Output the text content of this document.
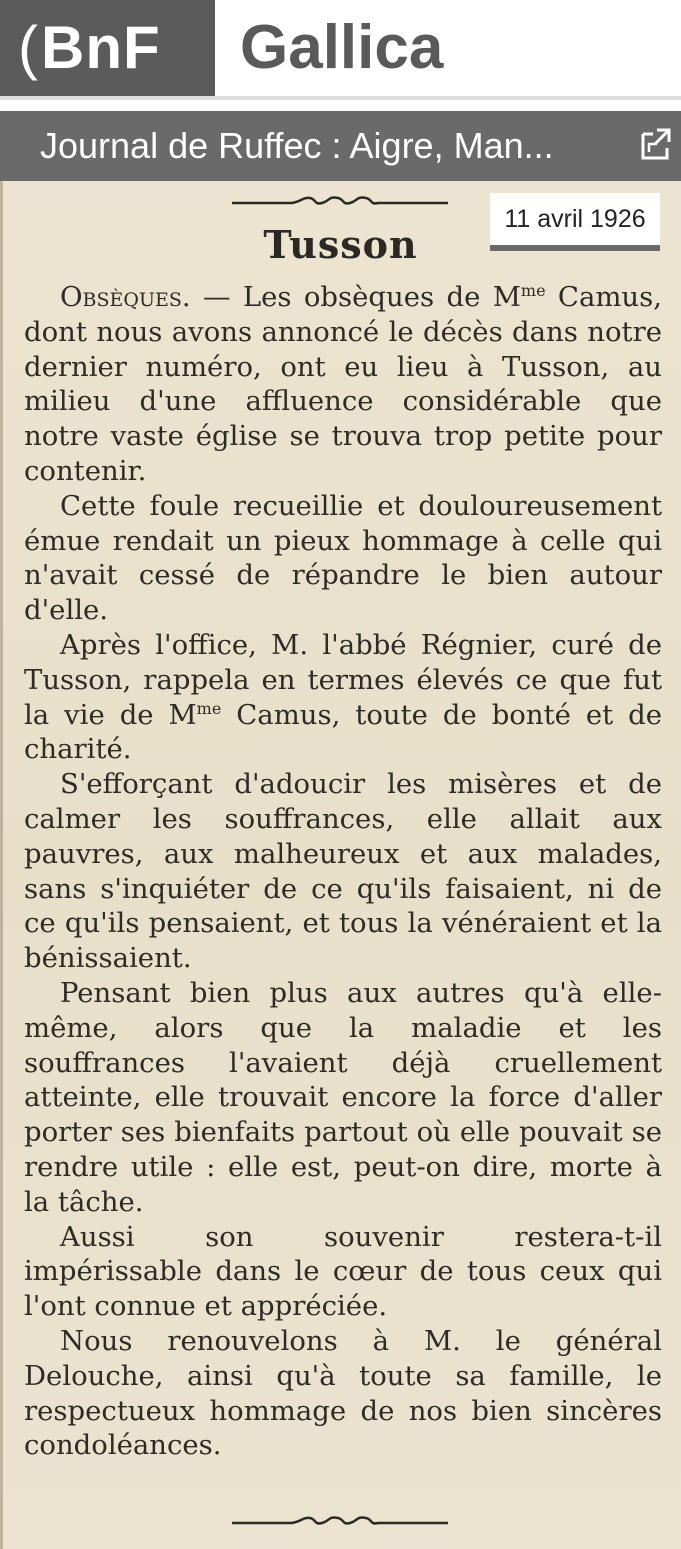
(BnF	Gallica
Journal de Ruffec : Aigre, Man...
11 avril 1926
Tusson

Obsèques. — Les obsèques de $M^{me}$ Camus, dont nous avons annoncé le décès dans notre dernier numéro, ont eu lieu à Tusson, au milieu d'une affluence considérable que notre vaste église se trouva trop petite pour contenir.

Cette foule recueillie et douloureusement émue rendait un pieux hommage à celle qui n'avait cessé de répandre le bien autour d'elle.

Après l'office, M. l'abbé Régnier, curé de Tusson, rappela en termes élevés ce que fut la vie de $M^{me}$ Camus, toute de bonté et de charité.

S'efforçant d'adoucir les misères et de calmer les souffrances, elle allait aux pauvres, aux malheureux et aux malades, sans s'inquiéter de ce qu'ils faisaient, ni de ce qu'ils pensaient, et tous la vénéraient et la bénissaient.

Pensant bien plus aux autres qu'à elle-même, alors que la maladie et les souffrances l'avaient déjà cruellement atteinte, elle trouvait encore la force d'aller porter ses bienfaits partout où elle pouvait se rendre utile : elle est, peut-on dire, morte à la tâche.

Aussi son souvenir restera-t-il impérissable dans le cœur de tous ceux qui l'ont connue et appréciée.

Nous renouvelons à M. le général Delouche, ainsi qu'à toute sa famille, le respectueux hommage de nos bien sincères condoléances.
